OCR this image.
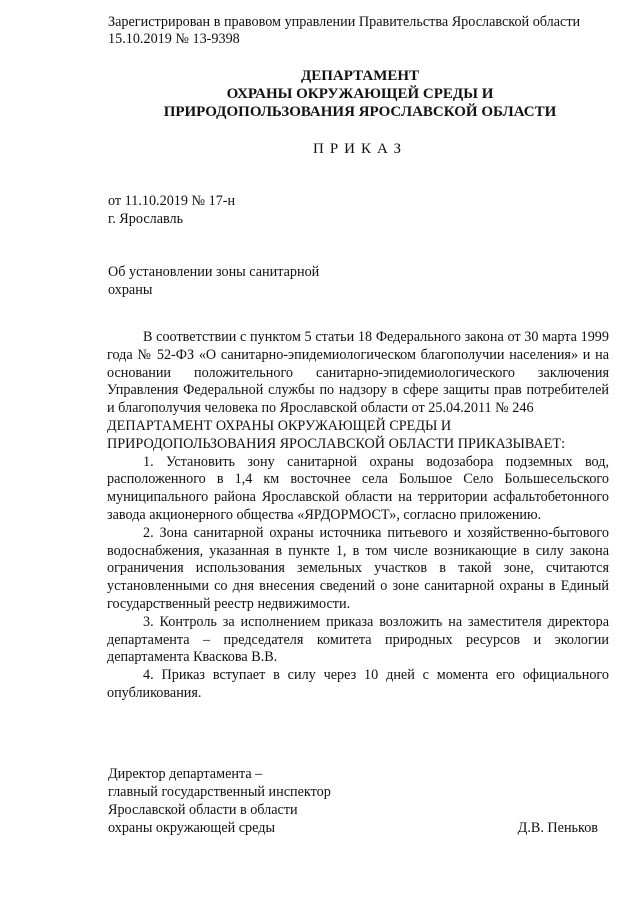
Зарегистрирован в правовом управлении Правительства Ярославской области
15.10.2019 № 13-9398
ДЕПАРТАМЕНТ
ОХРАНЫ ОКРУЖАЮЩЕЙ СРЕДЫ И
ПРИРОДОПОЛЬЗОВАНИЯ ЯРОСЛАВСКОЙ ОБЛАСТИ
ПРИКАЗ
от 11.10.2019 № 17-н
г. Ярославль
Об установлении зоны санитарной
охраны

В соответствии с пунктом 5 статьи 18 Федерального закона от 30 марта 1999 года № 52-ФЗ «О санитарно-эпидемиологическом благополучии населения» и на основании положительного санитарно-эпидемиологического заключения Управления Федеральной службы по надзору в сфере защиты прав потребителей и благополучия человека по Ярославской области от 25.04.2011 № 246

ДЕПАРТАМЕНТ ОХРАНЫ ОКРУЖАЮЩЕЙ СРЕДЫ И

ПРИРОДОПОЛЬЗОВАНИЯ ЯРОСЛАВСКОЙ ОБЛАСТИ ПРИКАЗЫВАЕТ:

1. Установить зону санитарной охраны водозабора подземных вод, расположенного в 1,4 км восточнее села Большое Село Большесельского муниципального района Ярославской области на территории асфальтобетонного завода акционерного общества «ЯРДОРМОСТ», согласно приложению.

2. Зона санитарной охраны источника питьевого и хозяйственно-бытового водоснабжения, указанная в пункте 1, в том числе возникающие в силу закона ограничения использования земельных участков в такой зоне, считаются установленными со дня внесения сведений о зоне санитарной охраны в Единый государственный реестр недвижимости.

3. Контроль за исполнением приказа возложить на заместителя директора департамента – председателя комитета природных ресурсов и экологии департамента Кваскова В.В.

4. Приказ вступает в силу через 10 дней с момента его официального опубликования.

Директор департамента –
главный государственный инспектор
Ярославской области в области
охраны окружающей среды	Д.В. Пеньков
